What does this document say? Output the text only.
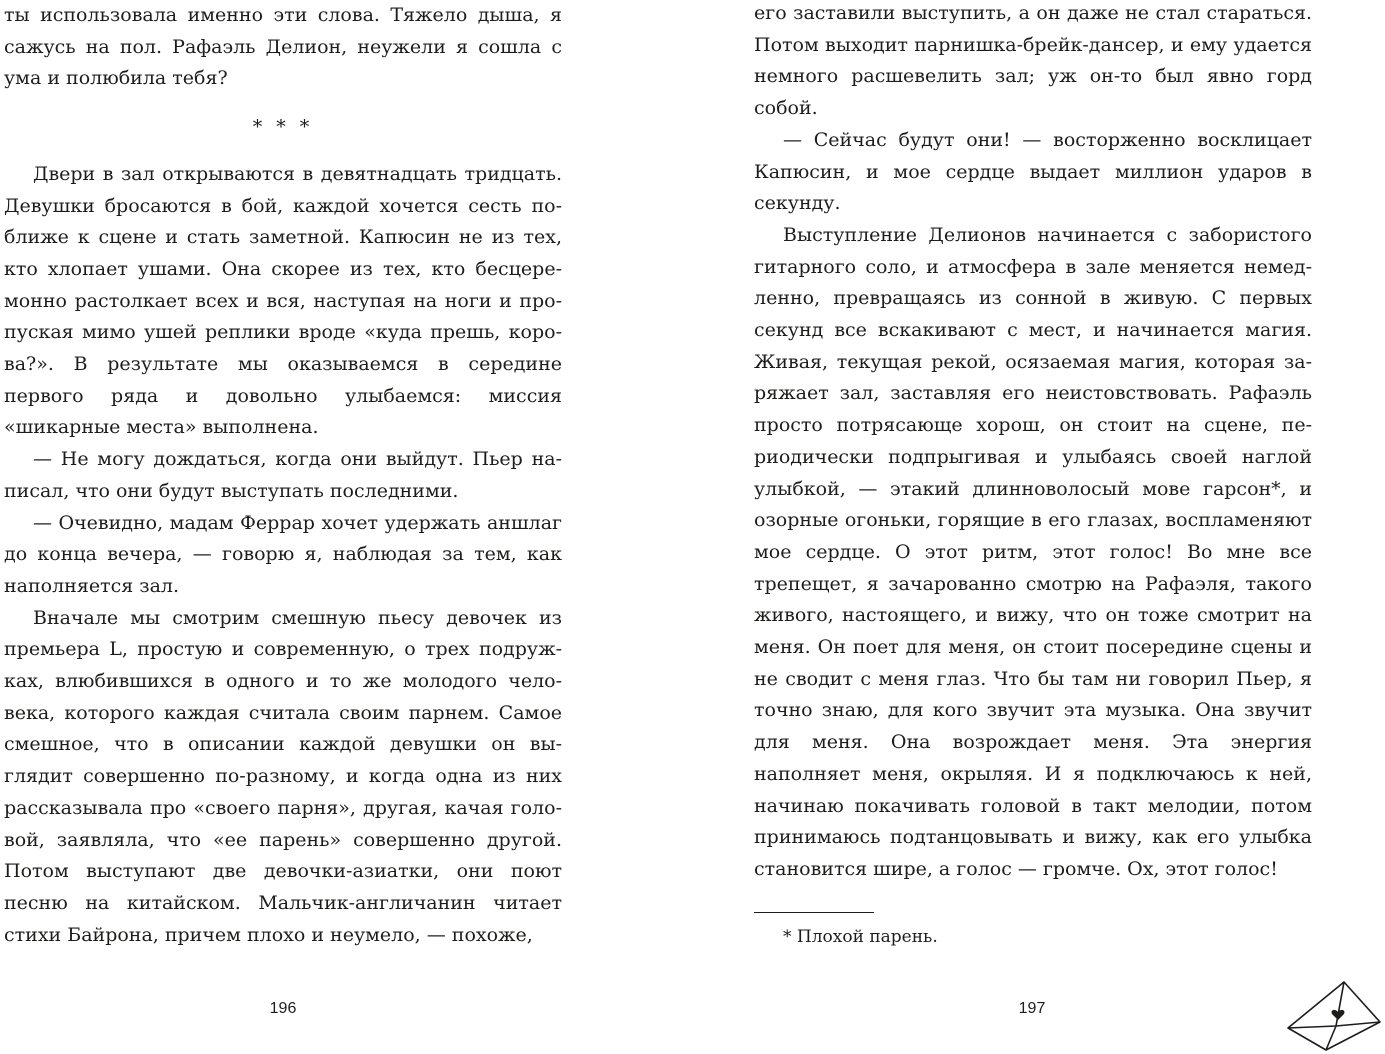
ты использовала именно эти слова. Тяжело дыша, я сажусь на пол. Рафаэль Делион, неужели я сошла с ума и полюбила тебя?

* * *

Двери в зал открываются в девятнадцать тридцать. Девушки бросаются в бой, каждой хочется сесть поближе к сцене и стать заметной. Капюсин не из тех, кто хлопает ушами. Она скорее из тех, кто бесцеремонно растолкает всех и вся, наступая на ноги и пропуская мимо ушей реплики вроде «куда прешь, корова?». В результате мы оказываемся в середине первого ряда и довольно улыбаемся: миссия «шикарные места» выполнена.

— Не могу дождаться, когда они выйдут. Пьер написал, что они будут выступать последними.

— Очевидно, мадам Феррар хочет удержать аншлаг до конца вечера, — говорю я, наблюдая за тем, как наполняется зал.

Вначале мы смотрим смешную пьесу девочек из премьера L, простую и современную, о трех подружках, влюбившихся в одного и то же молодого человека, которого каждая считала своим парнем. Самое смешное, что в описании каждой девушки он выглядит совершенно по-разному, и когда одна из них рассказывала про «своего парня», другая, качая головой, заявляла, что «ее парень» совершенно другой. Потом выступают две девочки-азиатки, они поют песню на китайском. Мальчик-англичанин читает стихи Байрона, причем плохо и неумело, — похоже,

196

его заставили выступить, а он даже не стал стараться. Потом выходит парнишка-брейк-дансер, и ему удается немного расшевелить зал; уж он-то был явно горд собой.

— Сейчас будут они! — восторженно восклицает Капюсин, и мое сердце выдает миллион ударов в секунду.

Выступление Делионов начинается с забористого гитарного соло, и атмосфера в зале меняется немедленно, превращаясь из сонной в живую. С первых секунд все вскакивают с мест, и начинается магия. Живая, текущая рекой, осязаемая магия, которая заряжает зал, заставляя его неистовствовать. Рафаэль просто потрясающе хорош, он стоит на сцене, периодически подпрыгивая и улыбаясь своей наглой улыбкой, — этакий длинноволосый мове гарсон*, и озорные огоньки, горящие в его глазах, воспламеняют мое сердце. О этот ритм, этот голос! Во мне все трепещет, я зачарованно смотрю на Рафаэля, такого живого, настоящего, и вижу, что он тоже смотрит на меня. Он поет для меня, он стоит посередине сцены и не сводит с меня глаз. Что бы там ни говорил Пьер, я точно знаю, для кого звучит эта музыка. Она звучит для меня. Она возрождает меня. Эта энергия наполняет меня, окрыляя. И я подключаюсь к ней, начинаю покачивать головой в такт мелодии, потом принимаюсь подтанцовывать и вижу, как его улыбка становится шире, а голос — громче. Ох, этот голос!

* Плохой парень.
197
